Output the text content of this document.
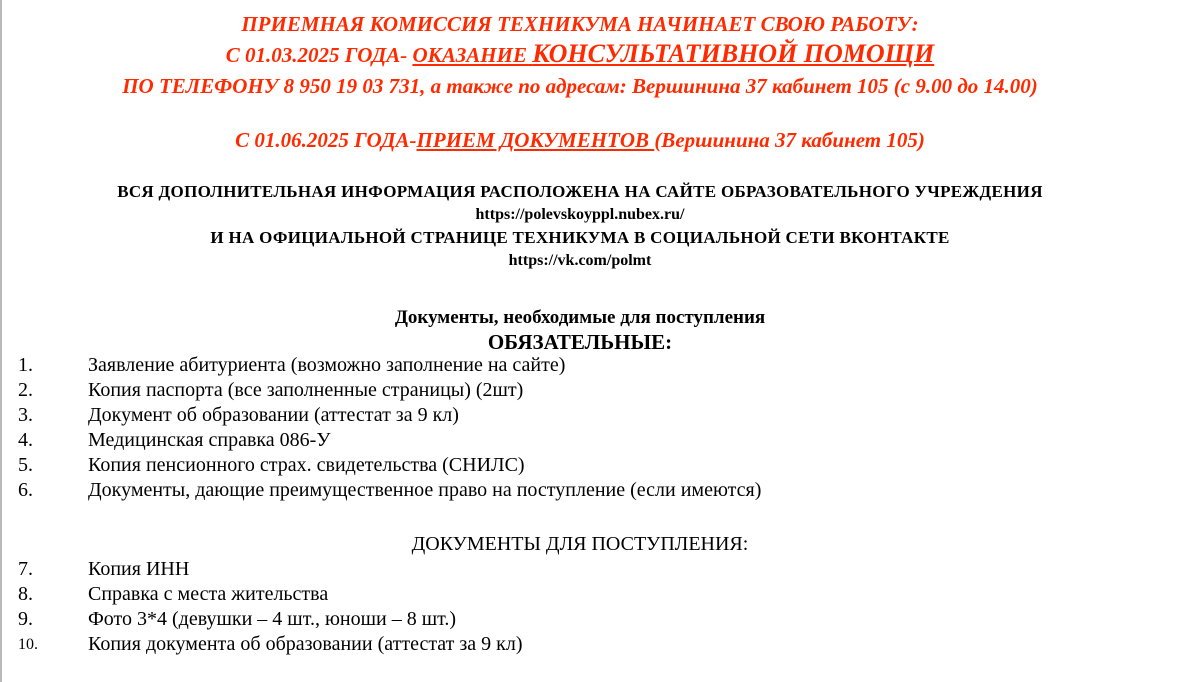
ПРИЕМНАЯ КОМИССИЯ ТЕХНИКУМА НАЧИНАЕТ СВОЮ РАБОТУ:
С 01.03.2025 ГОДА- ОКАЗАНИЕ КОНСУЛЬТАТИВНОЙ ПОМОЩИ
ПО ТЕЛЕФОНУ 8 950 19 03 731, а также по адресам: Вершинина 37 кабинет 105 (с 9.00 до 14.00)
С 01.06.2025 ГОДА-ПРИЕМ ДОКУМЕНТОВ (Вершинина 37 кабинет 105)
ВСЯ ДОПОЛНИТЕЛЬНАЯ ИНФОРМАЦИЯ РАСПОЛОЖЕНА НА САЙТЕ ОБРАЗОВАТЕЛЬНОГО УЧРЕЖДЕНИЯ
https://polevskoyppl.nubex.ru/
И НА ОФИЦИАЛЬНОЙ СТРАНИЦЕ ТЕХНИКУМА В СОЦИАЛЬНОЙ СЕТИ ВКОНТАКТЕ
https://vk.com/polmt
Документы, необходимые для поступления
ОБЯЗАТЕЛЬНЫЕ:
1.	Заявление абитуриента (возможно заполнение на сайте)
2.	Копия паспорта (все заполненные страницы) (2шт)
3.	Документ об образовании (аттестат за 9 кл)
4.	Медицинская справка 086-У
5.	Копия пенсионного страх. свидетельства (СНИЛС)
6.	Документы, дающие преимущественное право на поступление (если имеются)
ДОКУМЕНТЫ ДЛЯ ПОСТУПЛЕНИЯ:
7.	Копия ИНН
8.	Справка с места жительства
9.	Фото 3*4 (девушки – 4 шт., юноши – 8 шт.)
10.	Копия документа об образовании (аттестат за 9 кл)
